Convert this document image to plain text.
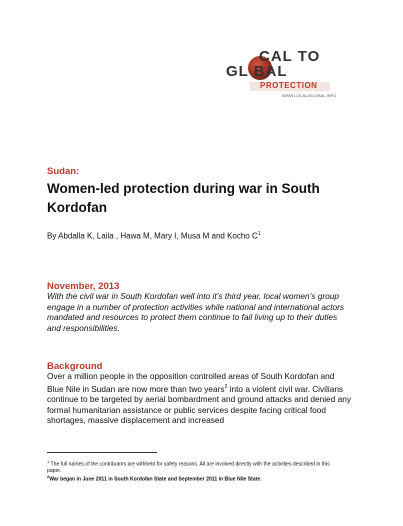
CAL TO
GL BAL
PROTECTION
WWW.LOCAL2GLOBAL.INFO
Sudan:
Women-led protection during war in South Kordofan
By Abdalla K, Laila , Hawa M, Mary I, Musa M and Kocho $C^1$
November, 2013
With the civil war in South Kordofan well into it’s third year, local women’s group engage in a number of protection activities while national and international actors mandated and resources to protect them continue to fail living up to their duties and responsibilities.
Background
Over a million people in the opposition controlled areas of South Kordofan and Blue Nile in Sudan are now more than two years$^2$ into a violent civil war. Civilians continue to be targeted by aerial bombardment and ground attacks and denied any formal humanitarian assistance or public services despite facing critical food shortages, massive displacement and increased
$^1$ The full names of the contributors are withheld for safety reasons. All are involved directly with the activities described in this paper.
$^2$War began in June 2011 in South Kordofan State and September 2011 in Blue Nile State.
